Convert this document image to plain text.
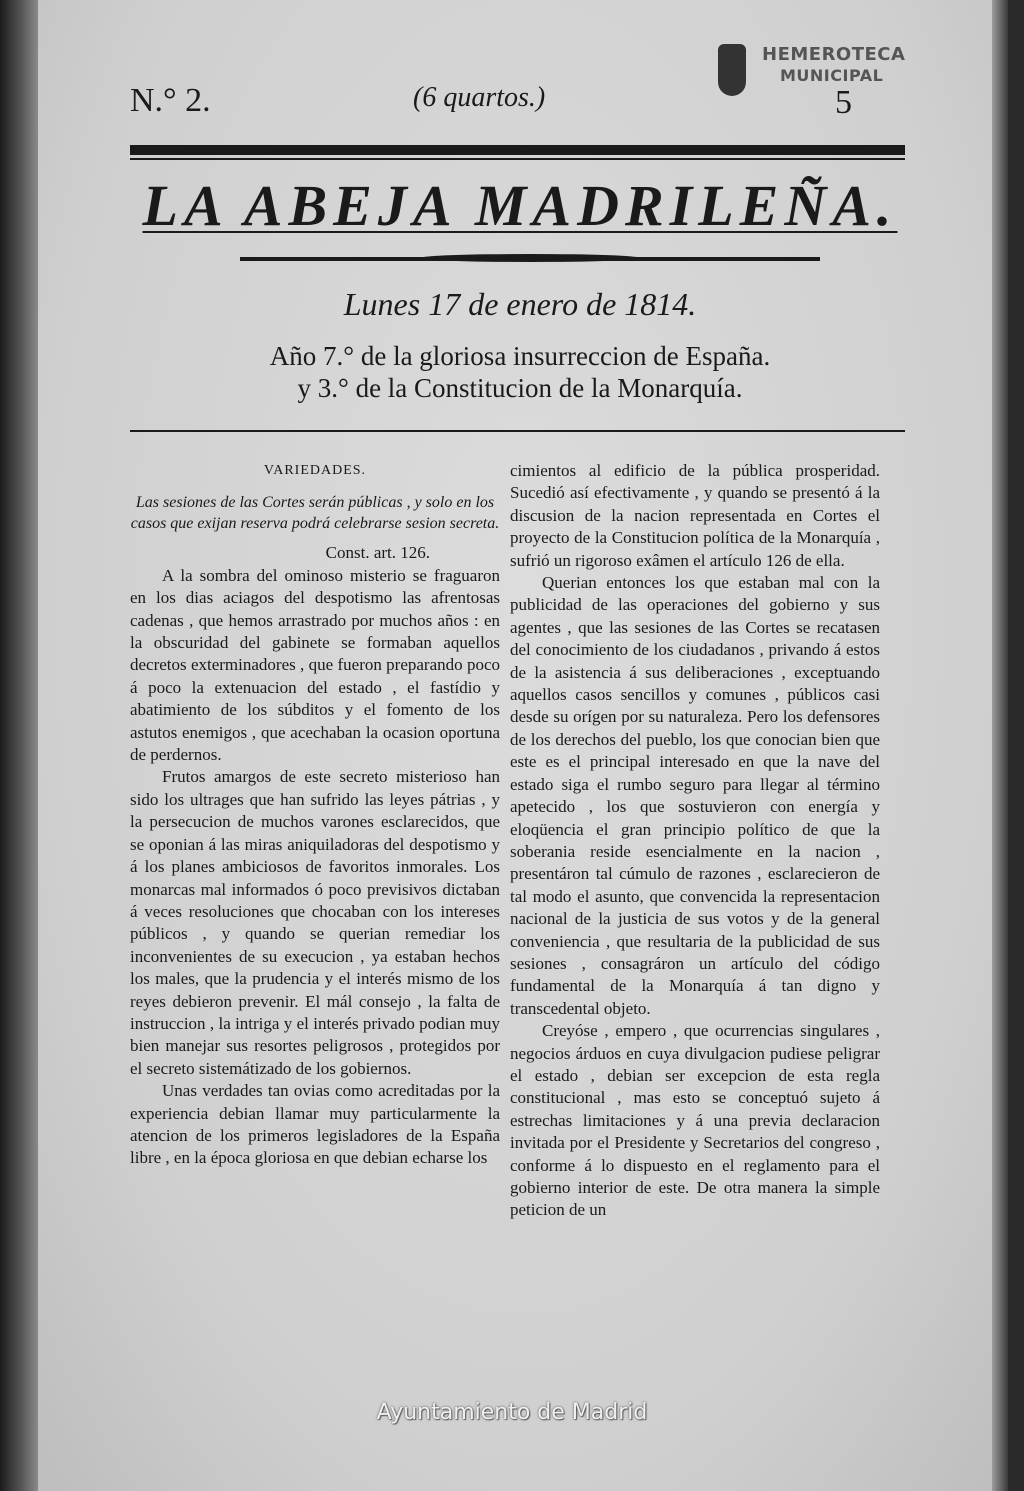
N.° 2.	(6 quartos.)	5
HEMEROTECA
MUNICIPAL
LA ABEJA MADRILEÑA.
Lunes 17 de enero de 1814.
Año 7.° de la gloriosa insurreccion de España.
y 3.° de la Constitucion de la Monarquía.

VARIEDADES.

Las sesiones de las Cortes serán públicas , y solo en los casos que exijan reserva podrá celebrarse sesion secreta.

Const. art. 126.

A la sombra del ominoso misterio se fraguaron en los dias aciagos del despotismo las afrentosas cadenas , que hemos arrastrado por muchos años : en la obscuridad del gabinete se formaban aquellos decretos exterminadores , que fueron preparando poco á poco la extenuacion del estado , el fastídio y abatimiento de los súbditos y el fomento de los astutos enemigos , que acechaban la ocasion oportuna de perdernos.

Frutos amargos de este secreto misterioso han sido los ultrages que han sufrido las leyes pátrias , y la persecucion de muchos varones esclarecidos, que se oponian á las miras aniquiladoras del despotismo y á los planes ambiciosos de favoritos inmorales. Los monarcas mal informados ó poco previsivos dictaban á veces resoluciones que chocaban con los intereses públicos , y quando se querian remediar los inconvenientes de su execucion , ya estaban hechos los males, que la prudencia y el interés mismo de los reyes debieron prevenir. El mál consejo , la falta de instruccion , la intriga y el interés privado podian muy bien manejar sus resortes peligrosos , protegidos por el secreto sistemátizado de los gobiernos.

Unas verdades tan ovias como acreditadas por la experiencia debian llamar muy particularmente la atencion de los primeros legisladores de la España libre , en la época gloriosa en que debian echarse los

cimientos al edificio de la pública prosperidad. Sucedió así efectivamente , y quando se presentó á la discusion de la nacion representada en Cortes el proyecto de la Constitucion política de la Monarquía , sufrió un rigoroso exâmen el artículo 126 de ella.

Querian entonces los que estaban mal con la publicidad de las operaciones del gobierno y sus agentes , que las sesiones de las Cortes se recatasen del conocimiento de los ciudadanos , privando á estos de la asistencia á sus deliberaciones , exceptuando aquellos casos sencillos y comunes , públicos casi desde su orígen por su naturaleza. Pero los defensores de los derechos del pueblo, los que conocian bien que este es el principal interesado en que la nave del estado siga el rumbo seguro para llegar al término apetecido , los que sostuvieron con energía y eloqüencia el gran principio político de que la soberania reside esencialmente en la nacion , presentáron tal cúmulo de razones , esclarecieron de tal modo el asunto, que convencida la representacion nacional de la justicia de sus votos y de la general conveniencia , que resultaria de la publicidad de sus sesiones , consagráron un artículo del código fundamental de la Monarquía á tan digno y transcedental objeto.

Creyóse , empero , que ocurrencias singulares , negocios árduos en cuya divulgacion pudiese peligrar el estado , debian ser excepcion de esta regla constitucional , mas esto se conceptuó sujeto á estrechas limitaciones y á una previa declaracion invitada por el Presidente y Secretarios del congreso , conforme á lo dispuesto en el reglamento para el gobierno interior de este. De otra manera la simple peticion de un

Ayuntamiento de Madrid
